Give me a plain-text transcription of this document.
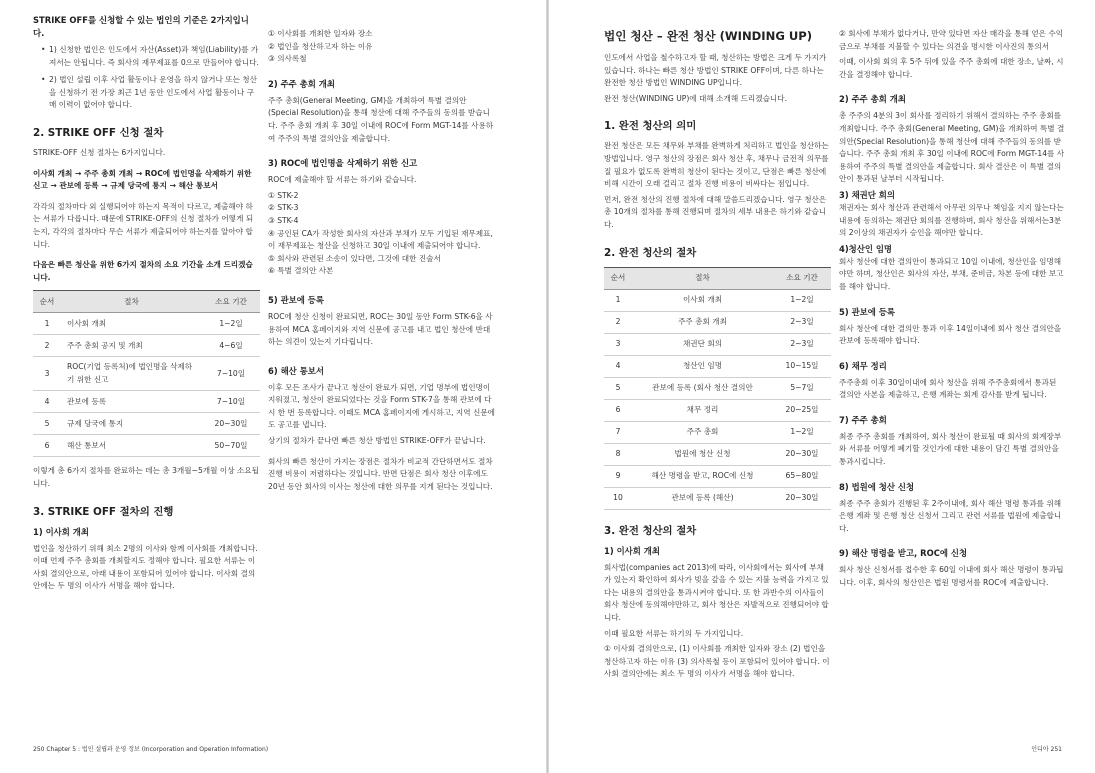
STRIKE OFF를 신청할 수 있는 법인의 기준은 2가지입니다.
• 1) 신청한 법인은 인도에서 자산(Asset)과 책임(Liability)를 가져서는 안됩니다. 즉 회사의 재무제표를 0으로 만들어야 합니다.
• 2) 법인 설립 이후 사업 활동이나 운영을 하지 않거나 또는 청산을 신청하기 전 가장 최근 1년 동안 인도에서 사업 활동이나 구매 이력이 없어야 합니다.
2. STRIKE OFF 신청 절차

STRIKE-OFF 신청 절차는 6가지입니다.

이사회 개최 → 주주 총회 개최 → ROC에 법인명을 삭제하기 위한 신고 → 관보에 등록 → 규제 당국에 통지 → 해산 통보서

각각의 절차마다 외 실행되어야 하는지 목적이 다르고, 제출해야 하는 서류가 다릅니다. 때문에 STRIKE-OFF의 신청 절차가 어떻게 되는지, 각각의 절차마다 무슨 서류가 제출되어야 하는지를 알아야 합니다.

다음은 빠른 청산을 위한 6가지 절차의 소요 기간을 소개 드리겠습니다.

순서	절차	소요 기간
1	이사회 개최	1~2일
2	주주 총회 공지 및 개최	4~6일
3	ROC(기업 등록처)에 법인명을 삭제하기 위한 신고	7~10일
4	관보에 등록	7~10일
5	규제 당국에 통지	20~30일
6	해산 통보서	50~70일

이렇게 총 6가지 절차를 완료하는 데는 총 3개월~5개월 이상 소요됩니다.

3. STRIKE OFF 절차의 진행
1) 이사회 개최

법인을 청산하기 위해 최소 2명의 이사와 함께 이사회를 개최합니다. 이때 언제 주주 총회를 개최할지도 정해야 합니다. 필요한 서류는 이사회 결의안으로, 아래 내용이 포함되어 있어야 합니다. 이사회 결의안에는 두 명의 이사가 서명을 해야 합니다.

① 이사회를 개최한 일자와 장소
② 법인을 청산하고자 하는 이유
③ 의사록철
2) 주주 총회 개최

주주 총회(General Meeting, GM)을 개최하여 특별 결의안(Special Resolution)을 통해 청산에 대해 주주들의 동의를 받습니다. 주주 총회 개최 후 30일 이내에 ROC에 Form MGT-14를 사용하여 주주의 특별 결의안을 제출합니다.

3) ROC에 법인명을 삭제하기 위한 신고

ROC에 제출해야 할 서류는 하기와 같습니다.

① STK-2
② STK-3
③ STK-4
④ 공인된 CA가 작성한 회사의 자산과 부채가 모두 기입된 재무제표, 이 재무제표는 청산을 신청하고 30일 이내에 제출되어야 합니다.
⑤ 회사와 관련된 소송이 있다면, 그것에 대한 진술서
⑥ 특별 결의안 사본
5) 관보에 등록

ROC에 청산 신청이 완료되면, ROC는 30일 동안 Form STK-6을 사용하여 MCA 홈페이지와 지역 신문에 공고를 내고 법인 청산에 반대하는 의견이 있는지 기다립니다.

6) 해산 통보서

이후 모든 조사가 끝나고 청산이 완료가 되면, 기업 명부에 법인명이 지워졌고, 청산이 완료되었다는 것을 Form STK-7을 통해 관보에 다시 한 번 등록합니다. 이때도 MCA 홈페이지에 게시하고, 지역 신문에도 공고를 냅니다.

상기의 절차가 끝나면 빠른 청산 방법인 STRIKE-OFF가 끝납니다.

회사의 빠른 청산이 가지는 장점은 절차가 비교적 간단하면서도 절차 진행 비용이 저렴하다는 것입니다. 반면 단점은 회사 청산 이후에도 20년 동안 회사의 이사는 청산에 대한 의무를 지게 된다는 것입니다.

250 Chapter 5 : 법인 설립과 운영 정보 (Incorporation and Operation Information)
법인 청산 – 완전 청산 (WINDING UP)

인도에서 사업을 철수하고자 할 때, 청산하는 방법은 크게 두 가지가 있습니다. 하나는 빠른 청산 방법인 STRIKE OFF이며, 다른 하나는 완전한 청산 방법인 WINDING UP입니다.

완전 청산(WINDING UP)에 대해 소개해 드리겠습니다.

1. 완전 청산의 의미

완전 청산은 모든 채무와 부채를 완벽하게 처리하고 법인을 청산하는 방법입니다. 영구 청산의 장점은 회사 청산 후, 채무나 금전적 의무를 질 필요가 없도록 완벽히 청산이 된다는 것이고, 단점은 빠른 청산에 비해 시간이 오래 걸리고 절차 진행 비용이 비싸다는 점입니다.

먼저, 완전 청산의 진행 절차에 대해 말씀드리겠습니다. 영구 청산은 총 10개의 절차를 통해 진행되며 절차의 세부 내용은 하기와 같습니다.

2. 완전 청산의 절차
순서	절차	소요 기간
1	이사회 개최	1~2일
2	주주 총회 개최	2~3일
3	채권단 회의	2~3일
4	청산인 임명	10~15일
5	관보에 등록 (회사 청산 결의안	5~7일
6	채무 정리	20~25일
7	주주 총회	1~2일
8	법원에 청산 신청	20~30일
9	해산 명령을 받고, ROC에 신청	65~80일
10	관보에 등록 (해산)	20~30일
3. 완전 청산의 절차
1) 이사회 개최

회사법(companies act 2013)에 따라, 이사회에서는 회사에 부채가 있는지 확인하여 회사가 빚을 갚을 수 있는 지불 능력을 가지고 있다는 내용의 결의안을 통과시켜야 합니다. 또 한 과반수의 이사들이 회사 청산에 동의해야만하고, 회사 청산은 자발적으로 진행되어야 합니다.

이때 필요한 서류는 하기의 두 가지입니다.

① 이사회 결의안으로, (1) 이사회를 개최한 일자와 장소 (2) 법인을 청산하고자 하는 이유 (3) 의사록철 등이 포함되어 있어야 합니다. 이사회 결의안에는 최소 두 명의 이사가 서명을 해야 합니다.

② 회사에 부채가 없다거나, 만약 있다면 자산 매각을 통해 얻은 수익금으로 부채를 지불할 수 있다는 의견을 명시한 이사진의 통의서

이때, 이사회 회의 후 5주 뒤에 있을 주주 총회에 대한 장소, 날짜, 시간을 결정해야 합니다.

2) 주주 총회 개최

총 주주의 4분의 3이 회사를 정리하기 위해서 결의하는 주주 총회를 개최합니다. 주주 총회(General Meeting, GM)을 개최하여 특별 결의안(Special Resolution)을 통해 청산에 대해 주주들의 동의를 받습니다. 주주 총회 개최 후 30일 이내에 ROC에 Form MGT-14를 사용하여 주주의 특별 결의안을 제출합니다. 회사 결산은 이 특별 결의안이 통과된 날부터 시작됩니다.

3) 채권단 회의

채권자는 회사 청산과 관련해서 아무런 의무나 책임을 지지 않는다는 내용에 동의하는 채권단 회의를 진행하며, 회사 청산을 위해서는3분의 2이상의 채권자가 승인을 해야만 합니다.

4)청산인 임명

회사 청산에 대한 결의안이 통과되고 10일 이내에, 청산인을 임명해야만 하며, 청산인은 회사의 자산, 부채, 준비금, 차본 등에 대한 보고를 해야 합니다.

5) 관보에 등록

회사 청산에 대한 결의안 통과 이후 14일이내에 회사 청산 결의안을 관보에 등록해야 합니다.

6) 채무 정리

주주총회 이후 30일이내에 회사 청산을 위해 주주총회에서 통과된 결의안 사본을 제출하고, 은행 계좌는 회계 감사를 받게 됩니다.

7) 주주 총회

최종 주주 총회를 개최하여, 회사 청산이 완료될 때 회사의 회계장부와 서류를 어떻게 폐기할 것인가에 대한 내용이 담긴 특별 결의안을 통과시킵니다.

8) 법원에 청산 신청

최종 주주 총회가 진행된 후 2주이내에, 회사 해산 명령 통과를 위해 은행 계좌 및 은행 청산 신청서 그리고 관련 서류를 법원에 제출합니다.

9) 해산 명령을 받고, ROC에 신청

회사 청산 신청서를 접수한 후 60일 이내에 회사 해산 명령이 통과됩니다. 이후, 회사의 청산인은 법원 명령서를 ROC에 제출합니다.

인디아 251
